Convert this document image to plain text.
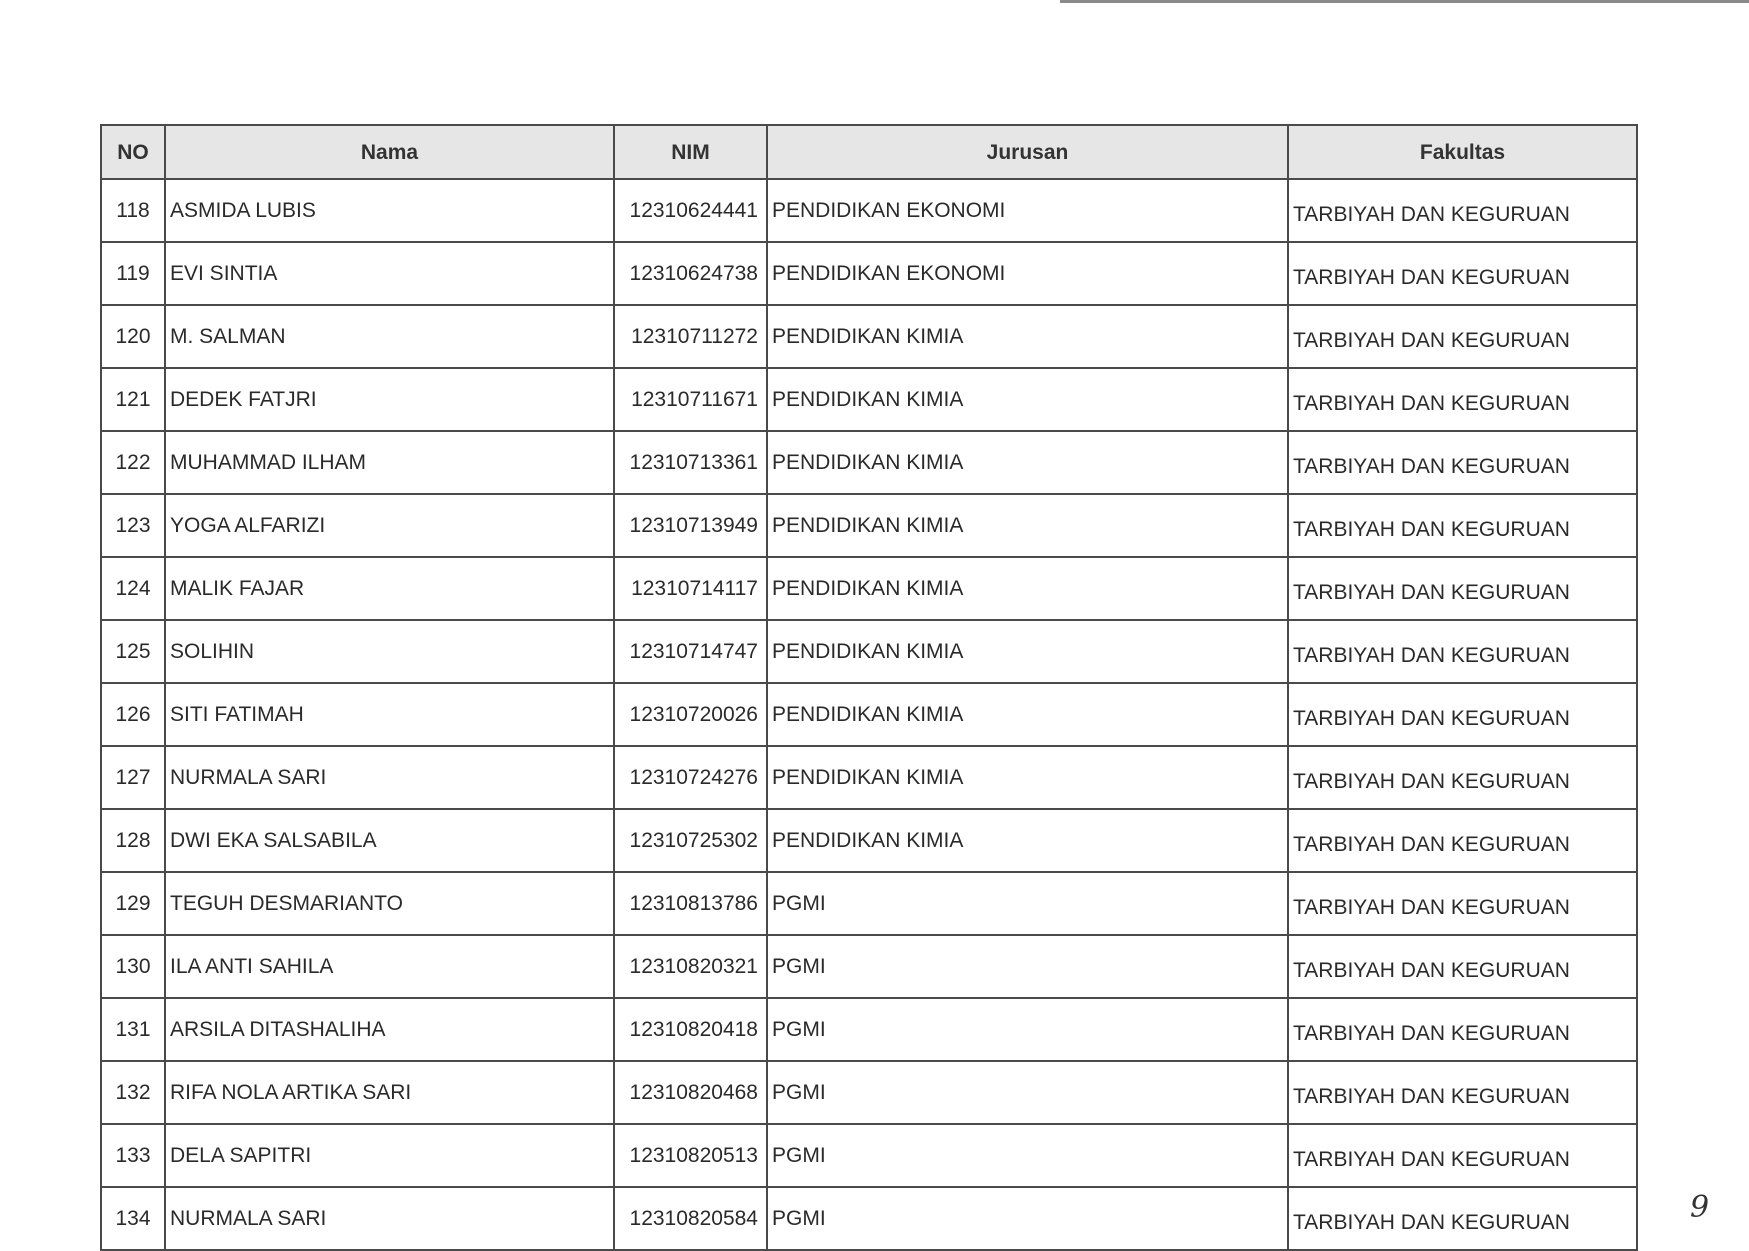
NO	Nama	NIM	Jurusan	Fakultas
118	ASMIDA LUBIS	12310624441	PENDIDIKAN EKONOMI	TARBIYAH DAN KEGURUAN
119	EVI SINTIA	12310624738	PENDIDIKAN EKONOMI	TARBIYAH DAN KEGURUAN
120	M. SALMAN	12310711272	PENDIDIKAN KIMIA	TARBIYAH DAN KEGURUAN
121	DEDEK FATJRI	12310711671	PENDIDIKAN KIMIA	TARBIYAH DAN KEGURUAN
122	MUHAMMAD ILHAM	12310713361	PENDIDIKAN KIMIA	TARBIYAH DAN KEGURUAN
123	YOGA ALFARIZI	12310713949	PENDIDIKAN KIMIA	TARBIYAH DAN KEGURUAN
124	MALIK FAJAR	12310714117	PENDIDIKAN KIMIA	TARBIYAH DAN KEGURUAN
125	SOLIHIN	12310714747	PENDIDIKAN KIMIA	TARBIYAH DAN KEGURUAN
126	SITI FATIMAH	12310720026	PENDIDIKAN KIMIA	TARBIYAH DAN KEGURUAN
127	NURMALA SARI	12310724276	PENDIDIKAN KIMIA	TARBIYAH DAN KEGURUAN
128	DWI EKA SALSABILA	12310725302	PENDIDIKAN KIMIA	TARBIYAH DAN KEGURUAN
129	TEGUH DESMARIANTO	12310813786	PGMI	TARBIYAH DAN KEGURUAN
130	ILA ANTI SAHILA	12310820321	PGMI	TARBIYAH DAN KEGURUAN
131	ARSILA DITASHALIHA	12310820418	PGMI	TARBIYAH DAN KEGURUAN
132	RIFA NOLA ARTIKA SARI	12310820468	PGMI	TARBIYAH DAN KEGURUAN
133	DELA SAPITRI	12310820513	PGMI	TARBIYAH DAN KEGURUAN
134	NURMALA SARI	12310820584	PGMI	TARBIYAH DAN KEGURUAN	9
